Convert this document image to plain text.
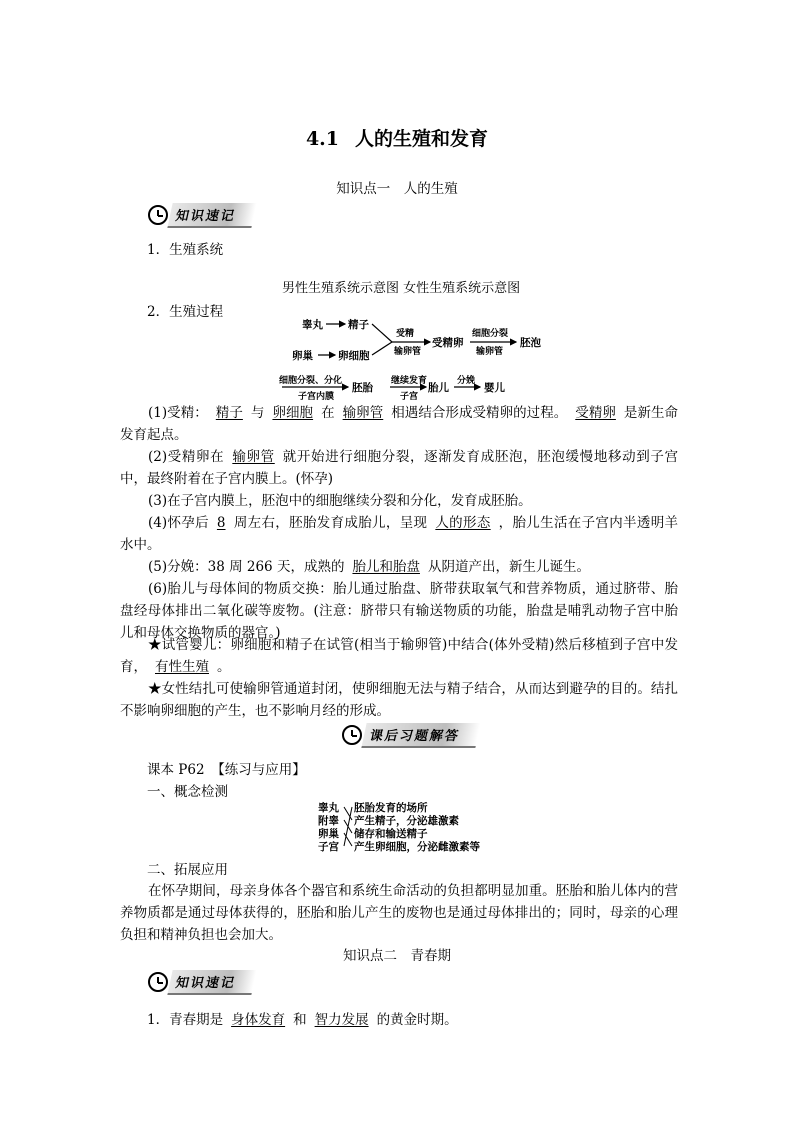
4.1 人的生殖和发育
知识点一　人的生殖
知识速记
1．生殖系统
男性生殖系统示意图 女性生殖系统示意图
2．生殖过程
睾丸 精子
卵巢 卵细胞
受精
输卵管
受精卵
细胞分裂
输卵管
胚泡
细胞分裂、分化
子宫内膜
胚胎
继续发育
子宫
胎儿
分娩
婴儿
(1)受精： 精子 与 卵细胞 在 输卵管 相遇结合形成受精卵的过程。 受精卵 是新生命发育起点。
(2)受精卵在 输卵管 就开始进行细胞分裂，逐渐发育成胚泡，胚泡缓慢地移动到子宫中，最终附着在子宫内膜上。(怀孕)
(3)在子宫内膜上，胚泡中的细胞继续分裂和分化，发育成胚胎。
(4)怀孕后 8 周左右，胚胎发育成胎儿，呈现 人的形态 ，胎儿生活在子宫内半透明羊水中。
(5)分娩：38 周 266 天，成熟的 胎儿和胎盘 从阴道产出，新生儿诞生。
(6)胎儿与母体间的物质交换：胎儿通过胎盘、脐带获取氧气和营养物质，通过脐带、胎盘经母体排出二氧化碳等废物。(注意：脐带只有输送物质的功能，胎盘是哺乳动物子宫中胎儿和母体交换物质的器官。)
★试管婴儿：卵细胞和精子在试管(相当于输卵管)中结合(体外受精)然后移植到子宫中发育， 有性生殖 。
★女性结扎可使输卵管通道封闭，使卵细胞无法与精子结合，从而达到避孕的目的。结扎不影响卵细胞的产生，也不影响月经的形成。
课后习题解答
课本 P62　【练习与应用】
一、概念检测
睾丸
附睾
卵巢
子宫
胚胎发育的场所
产生精子，分泌雄激素
储存和输送精子
产生卵细胞，分泌雌激素等
二、拓展应用
在怀孕期间，母亲身体各个器官和系统生命活动的负担都明显加重。胚胎和胎儿体内的营养物质都是通过母体获得的，胚胎和胎儿产生的废物也是通过母体排出的；同时，母亲的心理负担和精神负担也会加大。
知识点二　青春期
知识速记
1．青春期是 身体发育 和 智力发展 的黄金时期。
